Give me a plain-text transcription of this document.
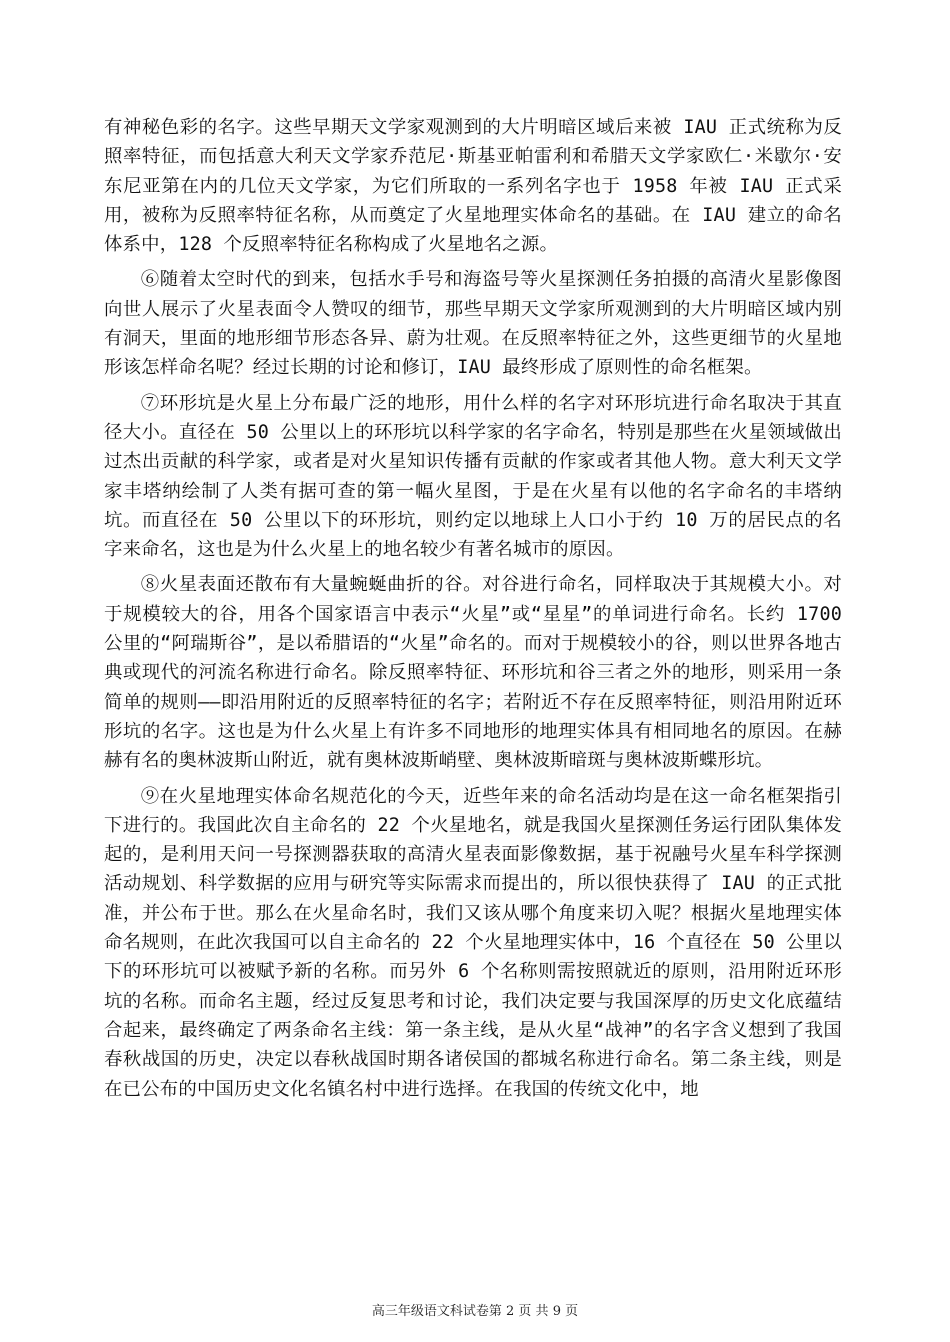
有神秘色彩的名字。这些早期天文学家观测到的大片明暗区域后来被 IAU 正式统称为反照率特征，而包括意大利天文学家乔范尼·斯基亚帕雷利和希腊天文学家欧仁·米歇尔·安东尼亚第在内的几位天文学家，为它们所取的一系列名字也于 1958 年被 IAU 正式采用，被称为反照率特征名称，从而奠定了火星地理实体命名的基础。在 IAU 建立的命名体系中，128 个反照率特征名称构成了火星地名之源。

⑥随着太空时代的到来，包括水手号和海盗号等火星探测任务拍摄的高清火星影像图向世人展示了火星表面令人赞叹的细节，那些早期天文学家所观测到的大片明暗区域内别有洞天，里面的地形细节形态各异、蔚为壮观。在反照率特征之外，这些更细节的火星地形该怎样命名呢？经过长期的讨论和修订，IAU 最终形成了原则性的命名框架。

⑦环形坑是火星上分布最广泛的地形，用什么样的名字对环形坑进行命名取决于其直径大小。直径在 50 公里以上的环形坑以科学家的名字命名，特别是那些在火星领域做出过杰出贡献的科学家，或者是对火星知识传播有贡献的作家或者其他人物。意大利天文学家丰塔纳绘制了人类有据可查的第一幅火星图，于是在火星有以他的名字命名的丰塔纳坑。而直径在 50 公里以下的环形坑，则约定以地球上人口小于约 10 万的居民点的名字来命名，这也是为什么火星上的地名较少有著名城市的原因。

⑧火星表面还散布有大量蜿蜒曲折的谷。对谷进行命名，同样取决于其规模大小。对于规模较大的谷，用各个国家语言中表示“火星”或“星星”的单词进行命名。长约 1700 公里的“阿瑞斯谷”，是以希腊语的“火星”命名的。而对于规模较小的谷，则以世界各地古典或现代的河流名称进行命名。除反照率特征、环形坑和谷三者之外的地形，则采用一条简单的规则——即沿用附近的反照率特征的名字；若附近不存在反照率特征，则沿用附近环形坑的名字。这也是为什么火星上有许多不同地形的地理实体具有相同地名的原因。在赫赫有名的奥林波斯山附近，就有奥林波斯峭壁、奥林波斯暗斑与奥林波斯蝶形坑。

⑨在火星地理实体命名规范化的今天，近些年来的命名活动均是在这一命名框架指引下进行的。我国此次自主命名的 22 个火星地名，就是我国火星探测任务运行团队集体发起的，是利用天问一号探测器获取的高清火星表面影像数据，基于祝融号火星车科学探测活动规划、科学数据的应用与研究等实际需求而提出的，所以很快获得了 IAU 的正式批准，并公布于世。那么在火星命名时，我们又该从哪个角度来切入呢？根据火星地理实体命名规则，在此次我国可以自主命名的 22 个火星地理实体中，16 个直径在 50 公里以下的环形坑可以被赋予新的名称。而另外 6 个名称则需按照就近的原则，沿用附近环形坑的名称。而命名主题，经过反复思考和讨论，我们决定要与我国深厚的历史文化底蕴结合起来，最终确定了两条命名主线：第一条主线，是从火星“战神”的名字含义想到了我国春秋战国的历史，决定以春秋战国时期各诸侯国的都城名称进行命名。第二条主线，则是在已公布的中国历史文化名镇名村中进行选择。在我国的传统文化中，地

高三年级语文科试卷第 2 页 共 9 页
